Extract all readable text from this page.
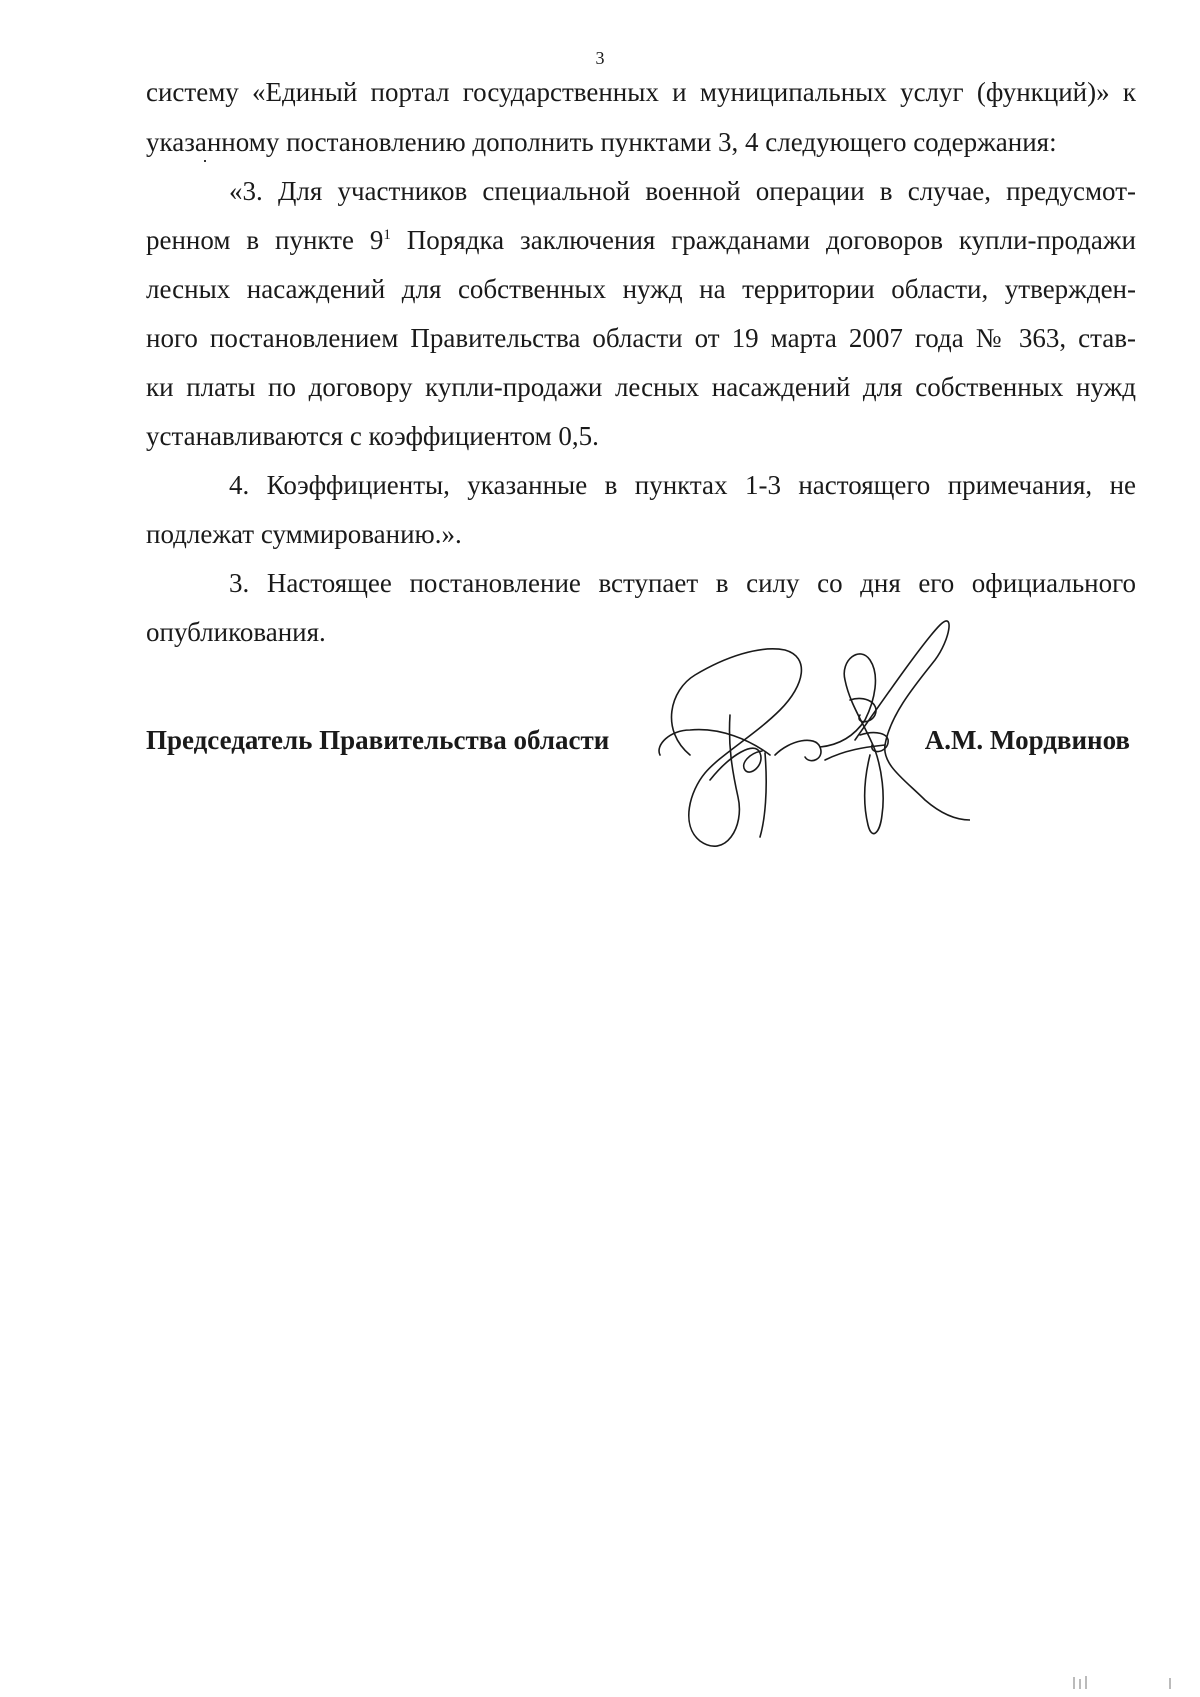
3
систему «Единый портал государственных и муниципальных услуг (функций)» к
указанному постановлению дополнить пунктами 3, 4 следующего содержания:
«3. Для участников специальной военной операции в случае, предусмот-
ренном в пункте $9^1$ Порядка заключения гражданами договоров купли-продажи
лесных насаждений для собственных нужд на территории области, утвержден-
ного постановлением Правительства области от 19 марта 2007 года № 363, став-
ки платы по договору купли-продажи лесных насаждений для собственных нужд
устанавливаются с коэффициентом 0,5.
4. Коэффициенты, указанные в пунктах 1-3 настоящего примечания, не
подлежат суммированию.».
3. Настоящее постановление вступает в силу со дня его официального
опубликования.
Председатель Правительства области	А.М. Мордвинов
